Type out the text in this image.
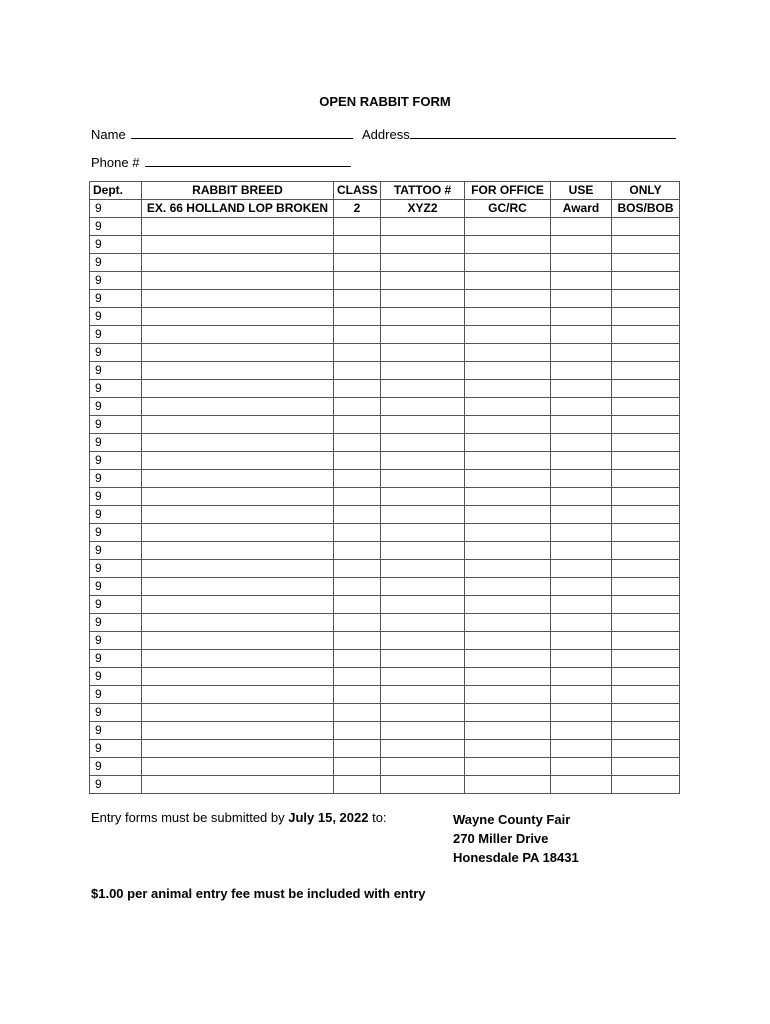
OPEN RABBIT FORM
Name	Address
Phone #
Dept.	RABBIT BREED	CLASS	TATTOO #	FOR OFFICE	USE	ONLY
9	EX. 66 HOLLAND LOP BROKEN	2	XYZ2	GC/RC	Award	BOS/BOB
9						
9						
9						
9						
9						
9						
9						
9						
9						
9						
9						
9						
9						
9						
9						
9						
9						
9						
9						
9						
9						
9						
9						
9						
9						
9						
9						
9						
9						
9						
9						
9						
Entry forms must be submitted by July 15, 2022 to:	Wayne County Fair
270 Miller Drive
Honesdale PA 18431
$1.00 per animal entry fee must be included with entry
